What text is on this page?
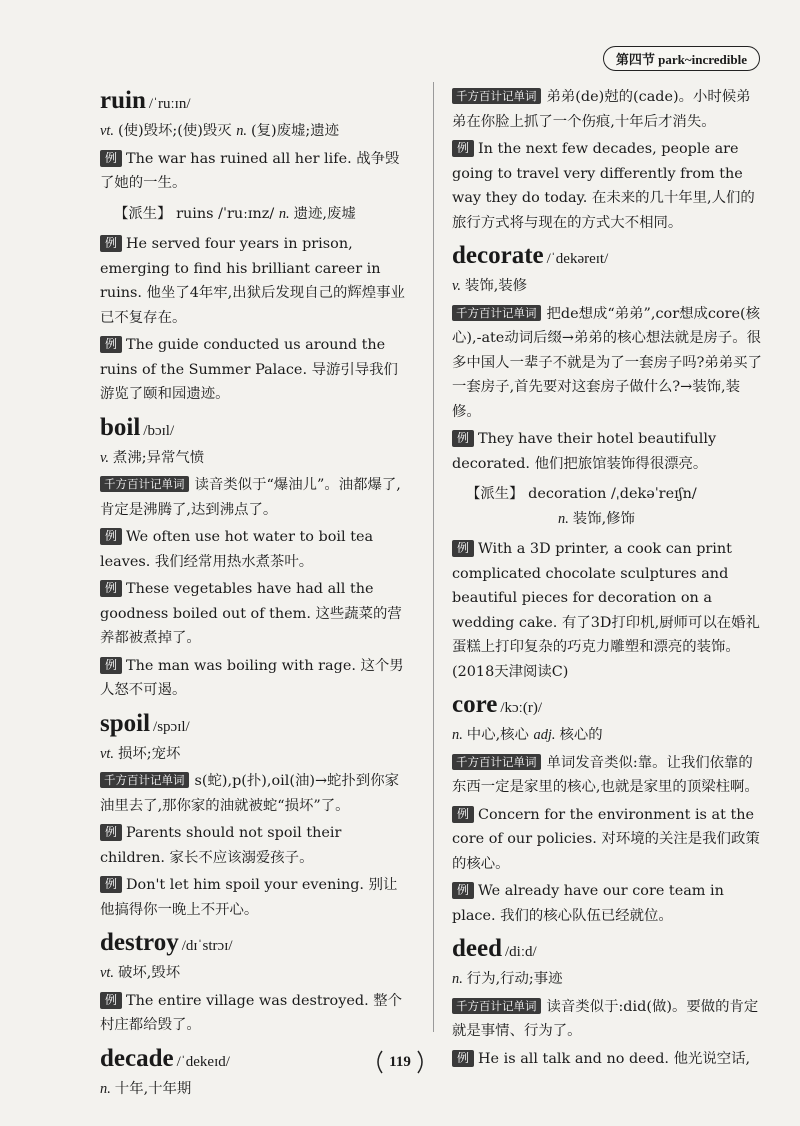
第四节 park~incredible
ruin /ˈruːɪn/
vt. (使)毁坏;(使)毁灭 n. (复)废墟;遗迹
例 The war has ruined all her life. 战争毁了她的一生。
【派生】 ruins /ˈruːɪnz/ n. 遗迹,废墟
例 He served four years in prison, emerging to find his brilliant career in ruins. 他坐了4年牢,出狱后发现自己的辉煌事业已不复存在。
例 The guide conducted us around the ruins of the Summer Palace. 导游引导我们游览了颐和园遗迹。
boil /bɔɪl/
v. 煮沸;异常气愤
千方百计记单词 读音类似于“爆油儿”。油都爆了,肯定是沸腾了,达到沸点了。
例 We often use hot water to boil tea leaves. 我们经常用热水煮茶叶。
例 These vegetables have had all the goodness boiled out of them. 这些蔬菜的营养都被煮掉了。
例 The man was boiling with rage. 这个男人怒不可遏。
spoil /spɔɪl/
vt. 损坏;宠坏
千方百计记单词 s(蛇),p(扑),oil(油)→蛇扑到你家油里去了,那你家的油就被蛇“损坏”了。
例 Parents should not spoil their children. 家长不应该溺爱孩子。
例 Don't let him spoil your evening. 别让他搞得你一晚上不开心。
destroy /dɪˈstrɔɪ/
vt. 破坏,毁坏
例 The entire village was destroyed. 整个村庄都给毁了。
decade /ˈdekeɪd/
n. 十年,十年期
千方百计记单词 弟弟(de)尅的(cade)。小时候弟弟在你脸上抓了一个伤痕,十年后才消失。
例 In the next few decades, people are going to travel very differently from the way they do today. 在未来的几十年里,人们的旅行方式将与现在的方式大不相同。
decorate /ˈdekəreɪt/
v. 装饰,装修
千方百计记单词 把de想成“弟弟”,cor想成core(核心),-ate动词后缀→弟弟的核心想法就是房子。很多中国人一辈子不就是为了一套房子吗?弟弟买了一套房子,首先要对这套房子做什么?→装饰,装修。
例 They have their hotel beautifully decorated. 他们把旅馆装饰得很漂亮。
【派生】 decoration /ˌdekəˈreɪʃn/
n. 装饰,修饰
例 With a 3D printer, a cook can print complicated chocolate sculptures and beautiful pieces for decoration on a wedding cake. 有了3D打印机,厨师可以在婚礼蛋糕上打印复杂的巧克力雕塑和漂亮的装饰。(2018天津阅读C)
core /kɔː(r)/
n. 中心,核心 adj. 核心的
千方百计记单词 单词发音类似:靠。让我们依靠的东西一定是家里的核心,也就是家里的顶梁柱啊。
例 Concern for the environment is at the core of our policies. 对环境的关注是我们政策的核心。
例 We already have our core team in place. 我们的核心队伍已经就位。
deed /diːd/
n. 行为,行动;事迹
千方百计记单词 读音类似于:did(做)。要做的肯定就是事情、行为了。
例 He is all talk and no deed. 他光说空话,
119
